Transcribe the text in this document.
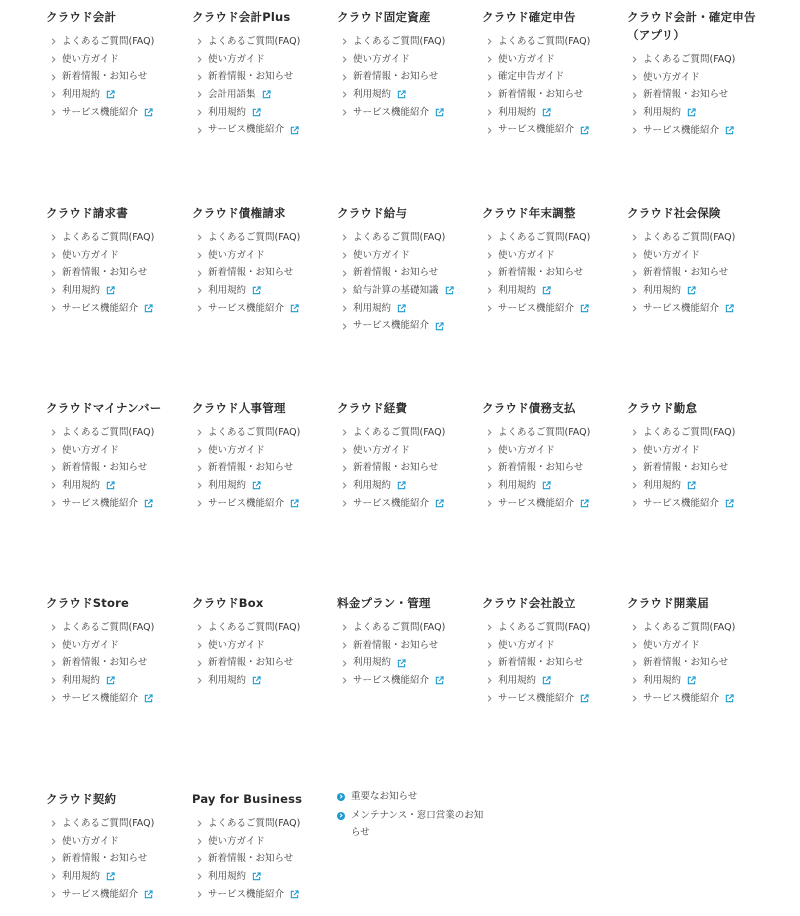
クラウド会計
よくあるご質問(FAQ)
使い方ガイド
新着情報・お知らせ
利用規約
サービス機能紹介
クラウド会計Plus
よくあるご質問(FAQ)
使い方ガイド
新着情報・お知らせ
会計用語集
利用規約
サービス機能紹介
クラウド固定資産
よくあるご質問(FAQ)
使い方ガイド
新着情報・お知らせ
利用規約
サービス機能紹介
クラウド確定申告
よくあるご質問(FAQ)
使い方ガイド
確定申告ガイド
新着情報・お知らせ
利用規約
サービス機能紹介
クラウド会計・確定申告（アプリ）
よくあるご質問(FAQ)
使い方ガイド
新着情報・お知らせ
利用規約
サービス機能紹介
クラウド請求書
よくあるご質問(FAQ)
使い方ガイド
新着情報・お知らせ
利用規約
サービス機能紹介
クラウド債権請求
よくあるご質問(FAQ)
使い方ガイド
新着情報・お知らせ
利用規約
サービス機能紹介
クラウド給与
よくあるご質問(FAQ)
使い方ガイド
新着情報・お知らせ
給与計算の基礎知識
利用規約
サービス機能紹介
クラウド年末調整
よくあるご質問(FAQ)
使い方ガイド
新着情報・お知らせ
利用規約
サービス機能紹介
クラウド社会保険
よくあるご質問(FAQ)
使い方ガイド
新着情報・お知らせ
利用規約
サービス機能紹介
クラウドマイナンバー
よくあるご質問(FAQ)
使い方ガイド
新着情報・お知らせ
利用規約
サービス機能紹介
クラウド人事管理
よくあるご質問(FAQ)
使い方ガイド
新着情報・お知らせ
利用規約
サービス機能紹介
クラウド経費
よくあるご質問(FAQ)
使い方ガイド
新着情報・お知らせ
利用規約
サービス機能紹介
クラウド債務支払
よくあるご質問(FAQ)
使い方ガイド
新着情報・お知らせ
利用規約
サービス機能紹介
クラウド勤怠
よくあるご質問(FAQ)
使い方ガイド
新着情報・お知らせ
利用規約
サービス機能紹介
クラウドStore
よくあるご質問(FAQ)
使い方ガイド
新着情報・お知らせ
利用規約
サービス機能紹介
クラウドBox
よくあるご質問(FAQ)
使い方ガイド
新着情報・お知らせ
利用規約
料金プラン・管理
よくあるご質問(FAQ)
新着情報・お知らせ
利用規約
サービス機能紹介
クラウド会社設立
よくあるご質問(FAQ)
使い方ガイド
新着情報・お知らせ
利用規約
サービス機能紹介
クラウド開業届
よくあるご質問(FAQ)
使い方ガイド
新着情報・お知らせ
利用規約
サービス機能紹介
クラウド契約
よくあるご質問(FAQ)
使い方ガイド
新着情報・お知らせ
利用規約
サービス機能紹介
Pay for Business
よくあるご質問(FAQ)
使い方ガイド
新着情報・お知らせ
利用規約
サービス機能紹介
重要なお知らせ
メンテナンス・窓口営業のお知らせ
